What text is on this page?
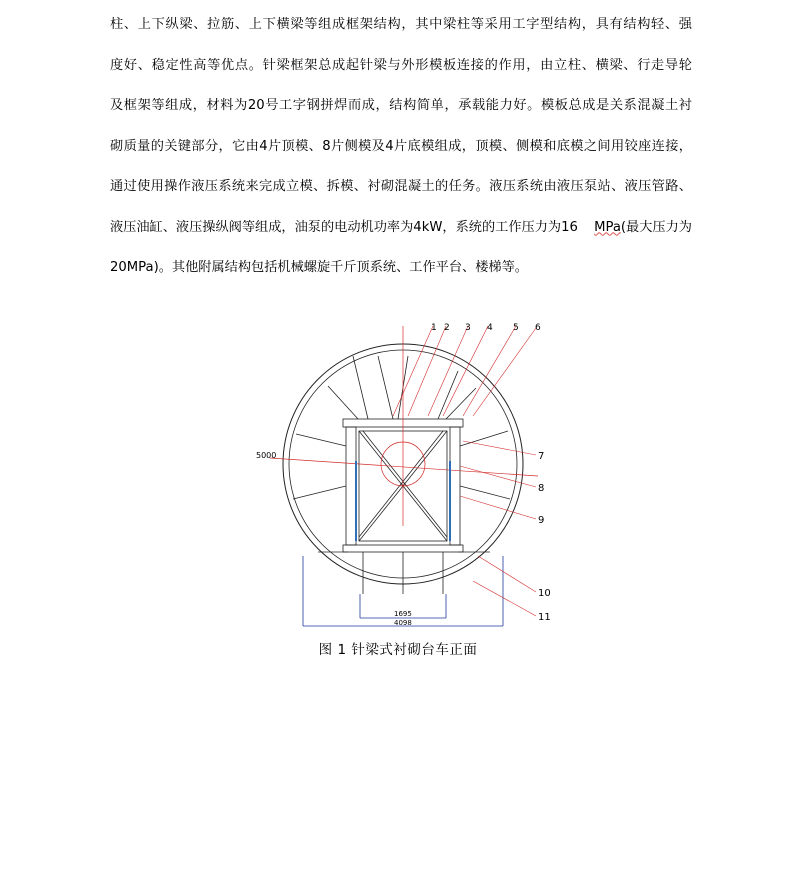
柱、上下纵梁、拉筋、上下横梁等组成框架结构，其中梁柱等采用工字型结构，具有结构轻、强
度好、稳定性高等优点。针梁框架总成起针梁与外形模板连接的作用，由立柱、横梁、行走导轮
及框架等组成，材料为20号工字钢拼焊而成，结构简单，承载能力好。模板总成是关系混凝土衬
砌质量的关键部分，它由4片顶模、8片侧模及4片底模组成，顶模、侧模和底模之间用铰座连接，
通过使用操作液压系统来完成立模、拆模、衬砌混凝土的任务。液压系统由液压泵站、液压管路、
液压油缸、液压操纵阀等组成，油泵的电动机功率为4kW，系统的工作压力为16 MPa(最大压力为
20MPa)。其他附属结构包括机械螺旋千斤顶系统、工作平台、楼梯等。
1 2 3 4 5 6
7
8
9
10
11
5000
1695
4098
图 1 针梁式衬砌台车正面
